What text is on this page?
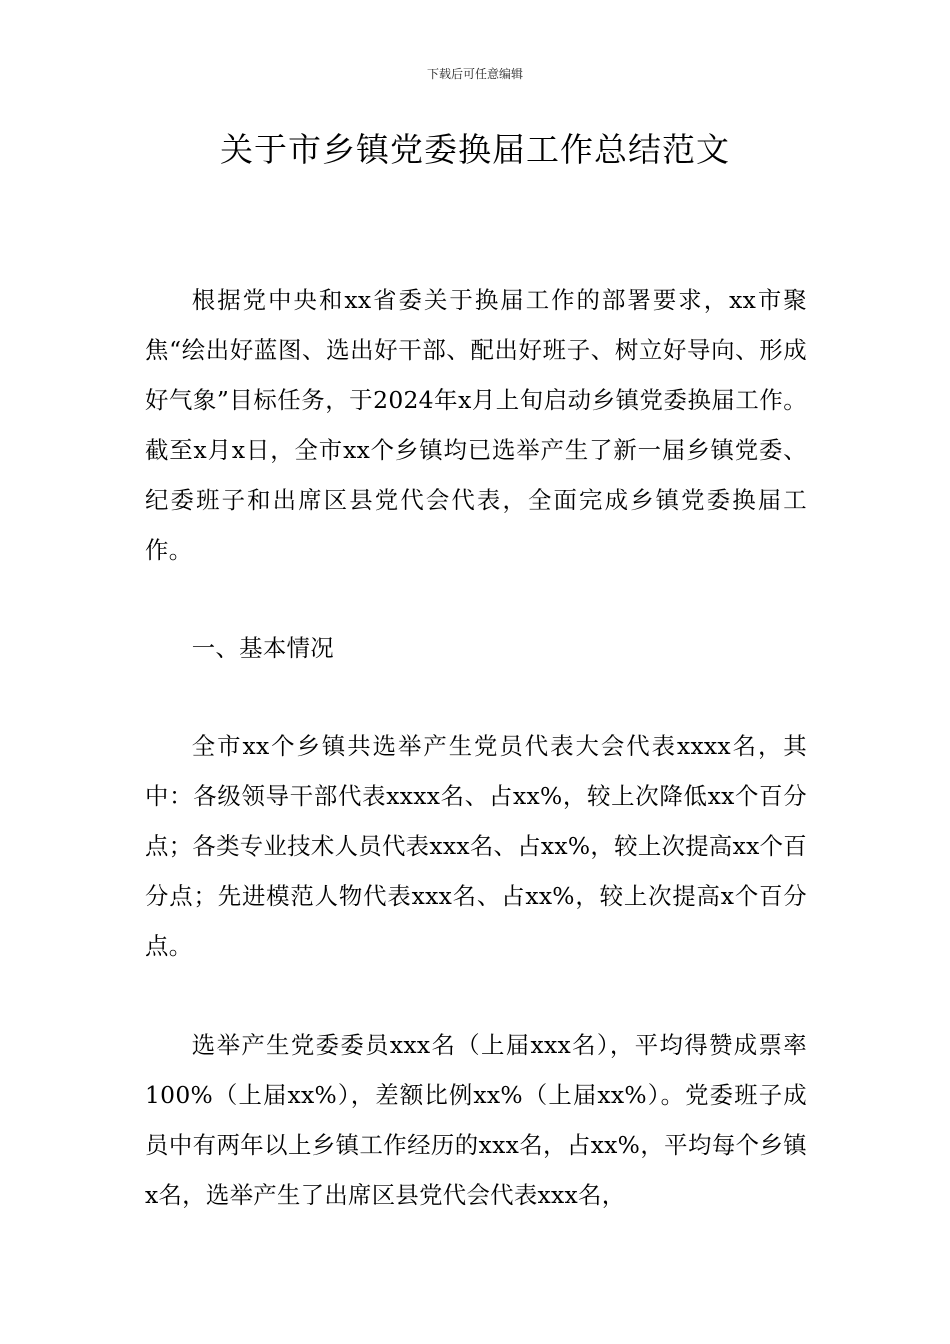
下载后可任意编辑
关于市乡镇党委换届工作总结范文

根据党中央和xx省委关于换届工作的部署要求，xx市聚焦“绘出好蓝图、选出好干部、配出好班子、树立好导向、形成好气象”目标任务，于2024年x月上旬启动乡镇党委换届工作。截至x月x日，全市xx个乡镇均已选举产生了新一届乡镇党委、纪委班子和出席区县党代会代表，全面完成乡镇党委换届工作。

一、基本情况

全市xx个乡镇共选举产生党员代表大会代表xxxx名，其中：各级领导干部代表xxxx名、占xx%，较上次降低xx个百分点；各类专业技术人员代表xxx名、占xx%，较上次提高xx个百分点；先进模范人物代表xxx名、占xx%，较上次提高x个百分点。

选举产生党委委员xxx名（上届xxx名），平均得赞成票率100%（上届xx%），差额比例xx%（上届xx%）。党委班子成员中有两年以上乡镇工作经历的xxx名，占xx%，平均每个乡镇x名，选举产生了出席区县党代会代表xxx名，
